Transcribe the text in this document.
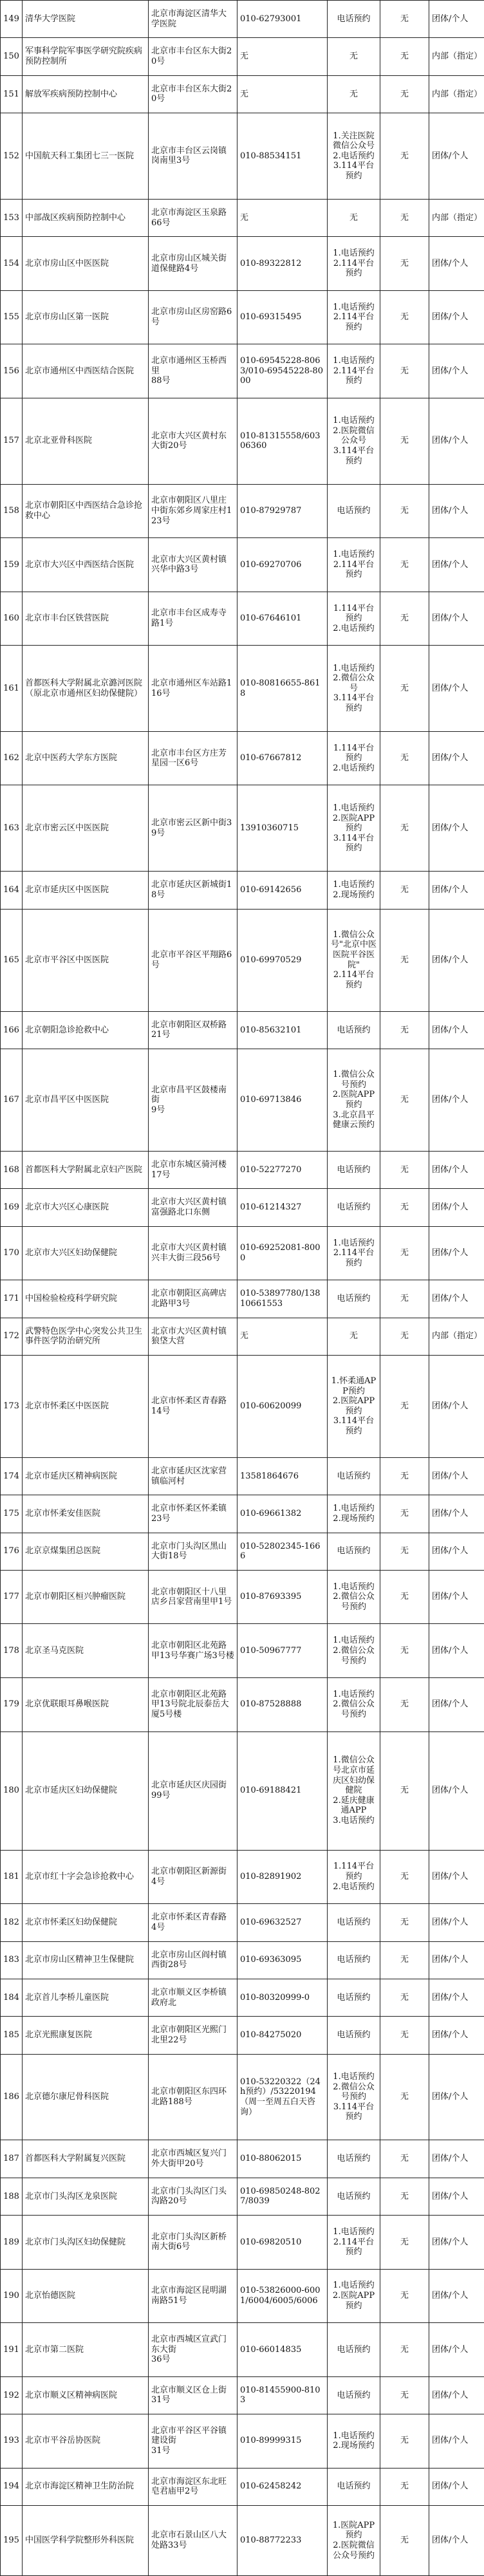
149	清华大学医院	北京市海淀区清华大学医院	010-62793001	电话预约	无	团体/个人

150	军事科学院军事医学研究院疾病预防控制所	北京市丰台区东大街20号	无	无	无	内部（指定）

151	解放军疾病预防控制中心	北京市丰台区东大街20号	无	无	无	内部（指定）

152	中国航天科工集团七三一医院	北京市丰台区云岗镇岗南里3号	010-88534151	1.关注医院微信公众号
2.电话预约
3.114平台预约	无	团体/个人

153	中部战区疾病预防控制中心	北京市海淀区玉泉路
66号	无	无	无	内部（指定）

154	北京市房山区中医医院	北京市房山区城关街道保健路4号	010-89322812	1.电话预约
2.114平台预约	无	团体/个人

155	北京市房山区第一医院	北京市房山区房窑路6号	010-69315495	1.电话预约
2.114平台预约	无	团体/个人

156	北京市通州区中西医结合医院	北京市通州区玉桥西里
88号	010-69545228-8063/010-69545228-8000	1.电话预约
2.114平台预约	无	团体/个人

157	北京北亚骨科医院	北京市大兴区黄村东大街20号	010-81315558/60306360	1.电话预约
2.医院微信公众号
3.114平台预约	无	团体/个人

158	北京市朝阳区中西医结合急诊抢救中心	北京市朝阳区八里庄中街东郊乡周家庄村123号	010-87929787	电话预约	无	团体/个人

159	北京市大兴区中西医结合医院	北京市大兴区黄村镇兴华中路3号	010-69270706	1.电话预约
2.114平台预约	无	团体/个人

160	北京市丰台区铁营医院	北京市丰台区成寿寺路1号	010-67646101	1.114平台预约
2.电话预约	无	团体/个人

161	首都医科大学附属北京潞河医院（原北京市通州区妇幼保健院）	北京市通州区车站路116号	010-80816655-8618	1.电话预约
2.微信公众号
3.114平台预约	无	团体/个人

162	北京中医药大学东方医院	北京市丰台区方庄芳星园一区6号	010-67667812	1.114平台预约
2.电话预约	无	团体/个人

163	北京市密云区中医医院	北京市密云区新中街39号	13910360715	1.电话预约
2.医院APP预约
3.114平台预约	无	团体/个人

164	北京市延庆区中医医院	北京市延庆区新城街18号	010-69142656	1.电话预约
2.现场预约	无	团体/个人

165	北京市平谷区中医医院	北京市平谷区平翔路6号	010-69970529	1.微信公众号"北京中医医院平谷医院"
2.114平台预约	无	团体/个人

166	北京朝阳急诊抢救中心	北京市朝阳区双桥路
21号	010-85632101	电话预约	无	团体/个人

167	北京市昌平区中医医院	北京市昌平区鼓楼南街
9号	010-69713846	1.微信公众号预约
2.医院APP预约
3.北京昌平健康云预约	无	团体/个人

168	首都医科大学附属北京妇产医院	北京市东城区骑河楼
17号	010-52277270	电话预约	无	团体/个人

169	北京市大兴区心康医院	北京市大兴区黄村镇富强路北口东侧	010-61214327	电话预约	无	团体/个人

170	北京市大兴区妇幼保健院	北京市大兴区黄村镇兴丰大街三段56号	010-69252081-8000	1.电话预约
2.114平台预约	无	团体/个人

171	中国检验检疫科学研究院	北京市朝阳区高碑店北路甲3号	010-53897780/13810661553	电话预约	无	团体/个人

172	武警特色医学中心突发公共卫生事件医学防治研究所	北京市大兴区黄村镇狼垡大营	无	无	无	内部（指定）

173	北京市怀柔区中医医院	北京市怀柔区青春路
14号	010-60620099	1.怀柔通APP预约
2.医院APP预约
3.114平台预约	无	团体/个人

174	北京市延庆区精神病医院	北京市延庆区沈家营镇临河村	13581864676	电话预约	无	团体/个人

175	北京市怀柔安佳医院	北京市怀柔区怀柔镇
23号	010-69661382	1.电话预约
2.现场预约	无	团体/个人

176	北京京煤集团总医院	北京市门头沟区黑山大街18号	010-52802345-1666	电话预约	无	团体/个人

177	北京市朝阳区桓兴肿瘤医院	北京市朝阳区十八里店乡吕家营南里甲1号	010-87693395	1.电话预约
2.微信公众号预约	无	团体/个人

178	北京圣马克医院	北京市朝阳区北苑路甲13号华赛广场3号楼	010-50967777	1.电话预约
2.微信公众号预约	无	团体/个人

179	北京优联眼耳鼻喉医院	北京市朝阳区北苑路甲13号院北辰泰岳大厦5号楼	010-87528888	1.电话预约
2.微信公众号预约	无	团体/个人

180	北京市延庆区妇幼保健院	北京市延庆区庆园街
99号	010-69188421	1.微信公众号北京市延庆区妇幼保健院
2.延庆健康通APP
3.电话预约	无	团体/个人

181	北京市红十字会急诊抢救中心	北京市朝阳区新源街
4号	010-82891902	1.114平台预约
2.电话预约	无	团体/个人

182	北京市怀柔区妇幼保健院	北京市怀柔区青春路
4号	010-69632527	电话预约	无	团体/个人

183	北京市房山区精神卫生保健院	北京市房山区阎村镇西街28号	010-69363095	电话预约	无	团体/个人

184	北京首儿李桥儿童医院	北京市顺义区李桥镇政府北	010-80320999-0	电话预约	无	团体/个人

185	北京光熙康复医院	北京市朝阳区光熙门北里22号	010-84275020	电话预约	无	团体/个人

186	北京德尔康尼骨科医院	北京市朝阳区东四环北路188号	010-53220322（24h预约）/53220194（周一至周五白天咨询）	1.电话预约
2.微信公众号预约
3.114平台预约	无	团体/个人

187	首都医科大学附属复兴医院	北京市西城区复兴门外大街甲20号	010-88062015	电话预约	无	团体/个人

188	北京市门头沟区龙泉医院	北京市门头沟区门头沟路20号	010-69850248-8027/8039	电话预约	无	团体/个人

189	北京市门头沟区妇幼保健院	北京市门头沟区新桥南大街6号	010-69820510	1.电话预约
2.114平台预约	无	团体/个人

190	北京怡德医院	北京市海淀区昆明湖南路51号	010-53826000-6001/6004/6005/6006	1.电话预约
2.医院APP预约	无	团体/个人

191	北京市第二医院	北京市西城区宣武门东大街
36号	010-66014835	电话预约	无	团体/个人

192	北京市顺义区精神病医院	北京市顺义区仓上街
31号	010-81455900-8103	电话预约	无	团体/个人

193	北京市平谷岳协医院	北京市平谷区平谷镇建设街
31号	010-89999315	1.电话预约
2.现场预约	无	团体/个人

194	北京市海淀区精神卫生防治院	北京市海淀区东北旺皂君庙甲2号	010-62458242	电话预约	无	团体/个人

195	中国医学科学院整形外科医院	北京市石景山区八大处路33号	010-88772233	1.医院APP预约
2.医院微信公众号预约	无	团体/个人
